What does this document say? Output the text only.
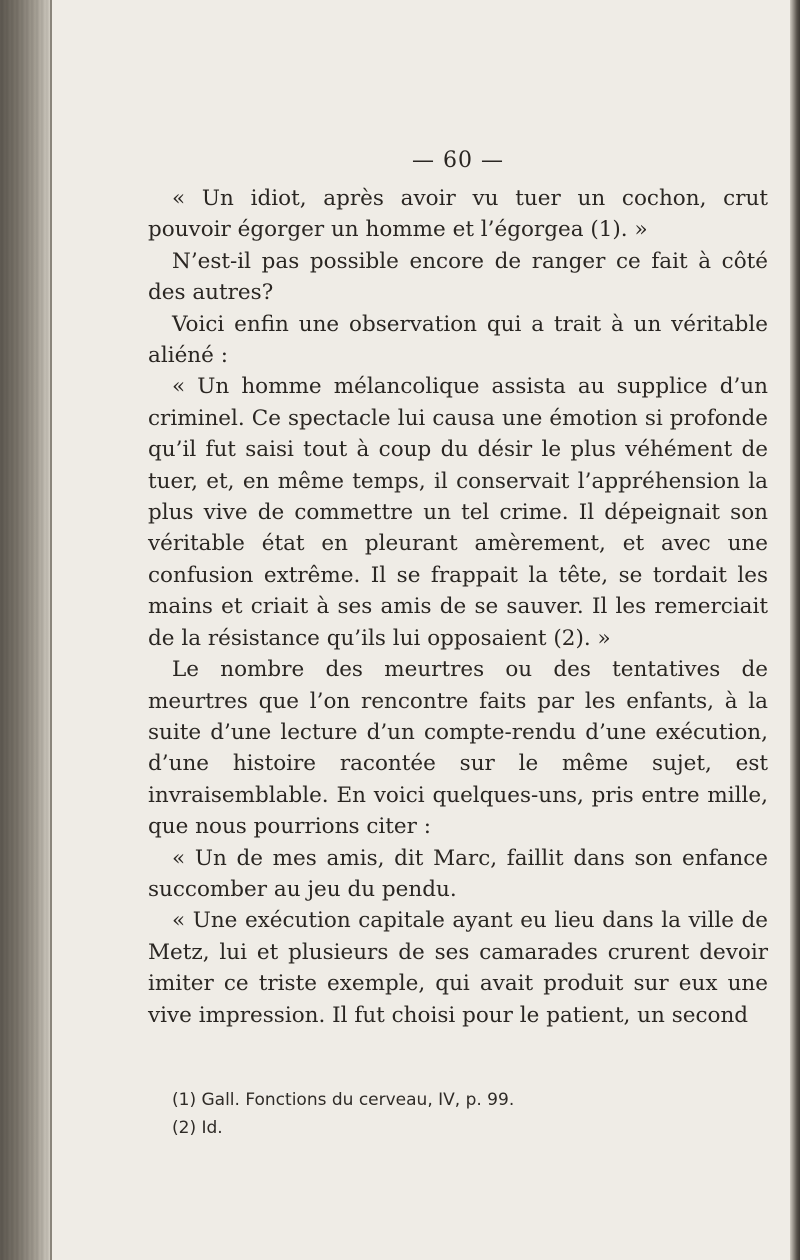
— 60 —

« Un idiot, après avoir vu tuer un cochon, crut pouvoir égorger un homme et l’égorgea (1). »

N’est-il pas possible encore de ranger ce fait à côté des autres?

Voici enfin une observation qui a trait à un véritable aliéné :

« Un homme mélancolique assista au supplice d’un criminel. Ce spectacle lui causa une émotion si profonde qu’il fut saisi tout à coup du désir le plus véhément de tuer, et, en même temps, il conservait l’appréhension la plus vive de commettre un tel crime. Il dépeignait son véritable état en pleurant amèrement, et avec une confusion extrême. Il se frappait la tête, se tordait les mains et criait à ses amis de se sauver. Il les remerciait de la résistance qu’ils lui opposaient (2). »

Le nombre des meurtres ou des tentatives de meurtres que l’on rencontre faits par les enfants, à la suite d’une lecture d’un compte-rendu d’une exécution, d’une histoire racontée sur le même sujet, est invraisemblable. En voici quelques-uns, pris entre mille, que nous pourrions citer :

« Un de mes amis, dit Marc, faillit dans son enfance succomber au jeu du pendu.

« Une exécution capitale ayant eu lieu dans la ville de Metz, lui et plusieurs de ses camarades crurent devoir imiter ce triste exemple, qui avait produit sur eux une vive impression. Il fut choisi pour le patient, un second

(1) Gall. Fonctions du cerveau, IV, p. 99.

(2) Id.
